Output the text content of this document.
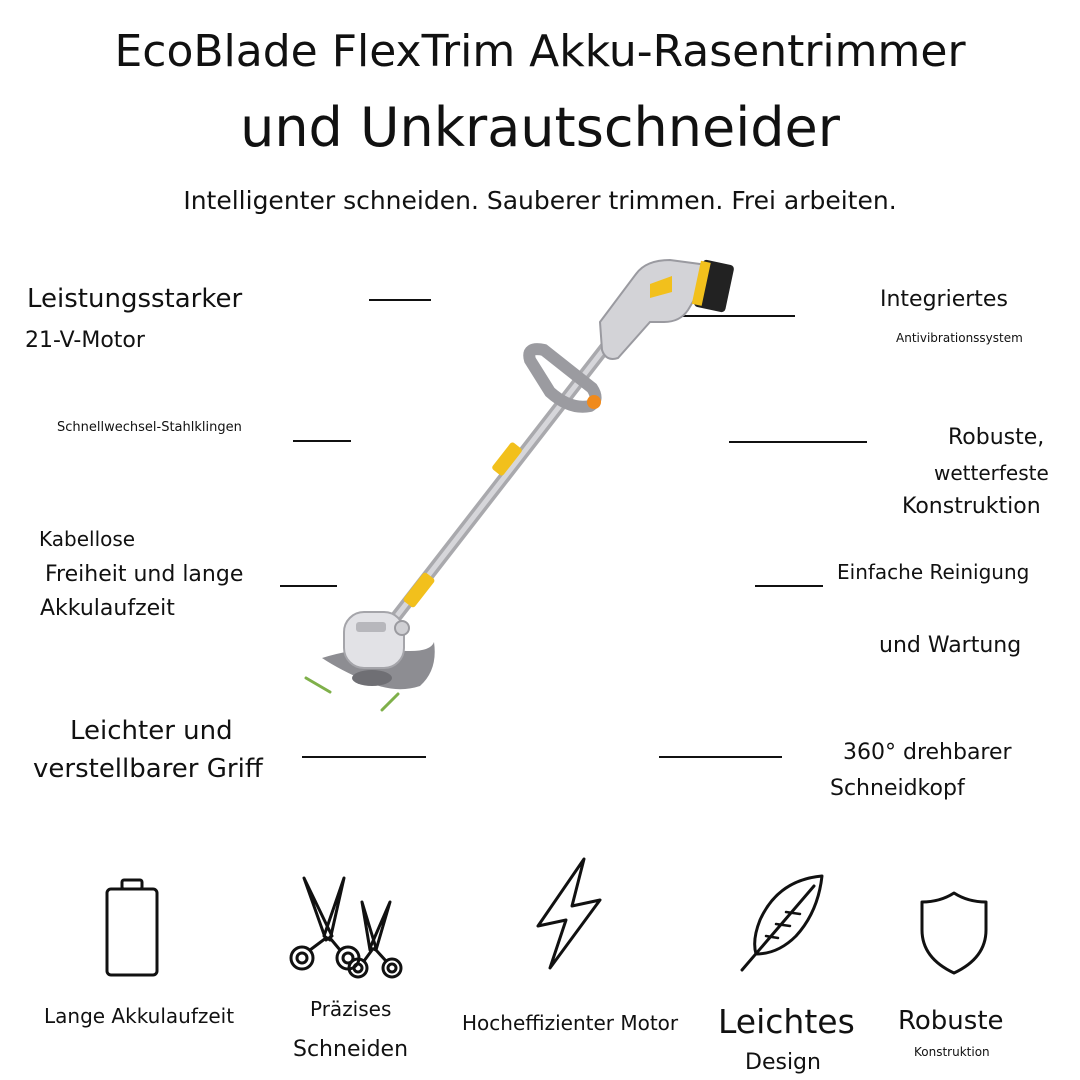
EcoBlade FlexTrim Akku-Rasentrimmer
und Unkrautschneider
Intelligenter schneiden. Sauberer trimmen. Frei arbeiten.
Leistungsstarker
21-V-Motor
Schnellwechsel-Stahlklingen
Kabellose
Freiheit und lange
Akkulaufzeit
Leichter und
verstellbarer Griff
Integriertes
Antivibrationssystem
Robuste,
wetterfeste
Konstruktion
Einfache Reinigung
und Wartung
360° drehbarer
Schneidkopf
Lange Akkulaufzeit	Präzises
Schneiden
Hocheffizienter Motor Leichtes
Design
Robuste
Konstruktion
